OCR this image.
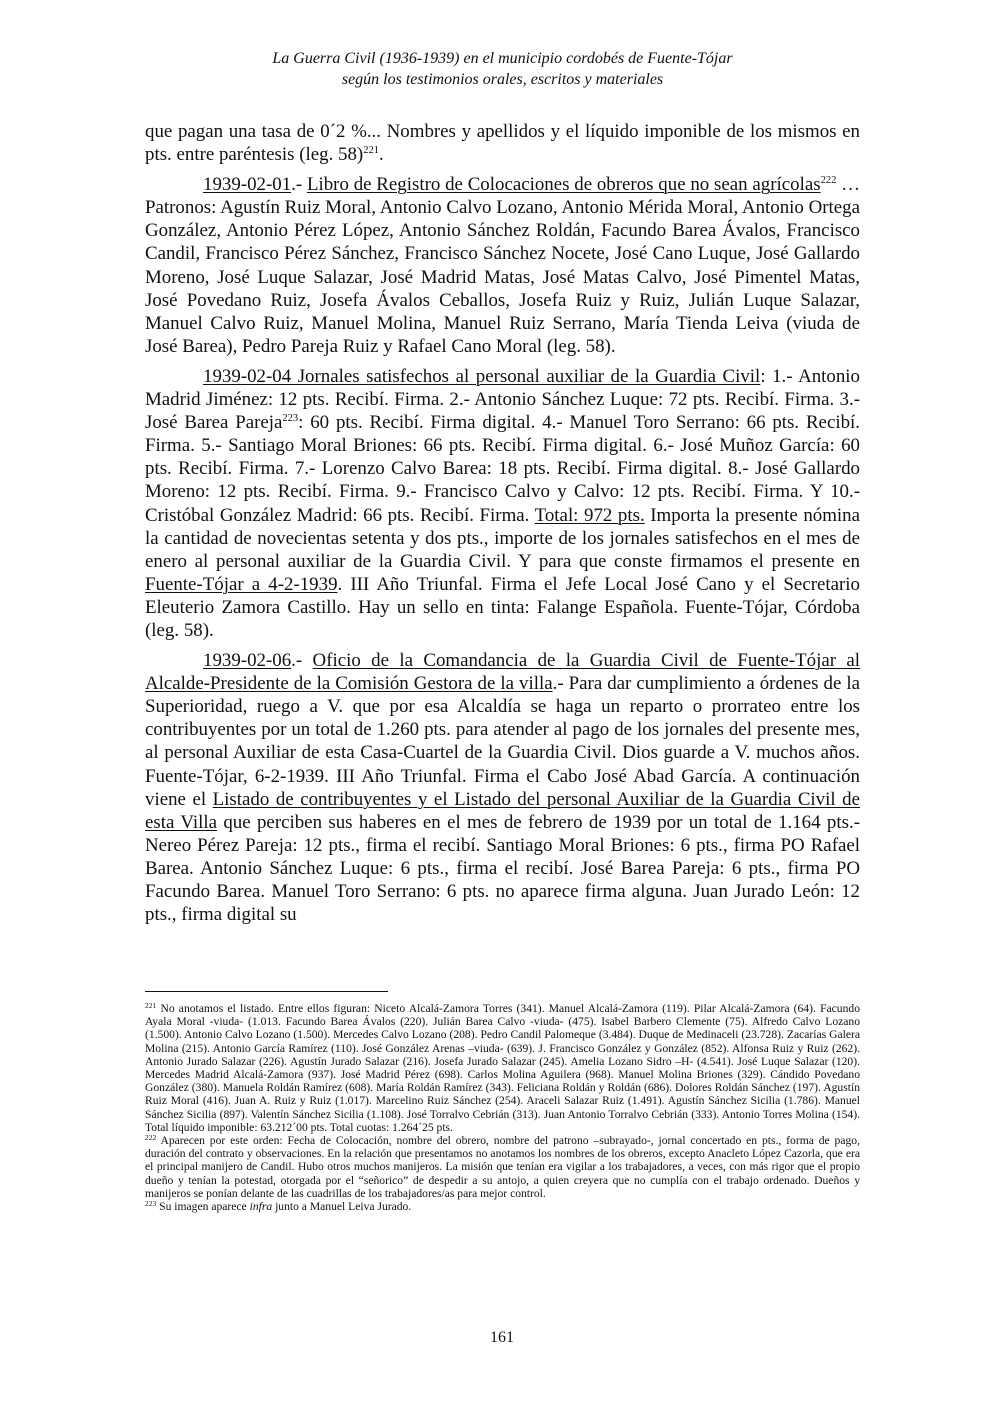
La Guerra Civil (1936-1939) en el municipio cordobés de Fuente-Tójar
según los testimonios orales, escritos y materiales

que pagan una tasa de 0´2 %... Nombres y apellidos y el líquido imponible de los mismos en pts. entre paréntesis (leg. 58)$^{221}$.

1939-02-01.- Libro de Registro de Colocaciones de obreros que no sean agrícolas$^{222}$ … Patronos: Agustín Ruiz Moral, Antonio Calvo Lozano, Antonio Mérida Moral, Antonio Ortega González, Antonio Pérez López, Antonio Sánchez Roldán, Facundo Barea Ávalos, Francisco Candil, Francisco Pérez Sánchez, Francisco Sánchez Nocete, José Cano Luque, José Gallardo Moreno, José Luque Salazar, José Madrid Matas, José Matas Calvo, José Pimentel Matas, José Povedano Ruiz, Josefa Ávalos Ceballos, Josefa Ruiz y Ruiz, Julián Luque Salazar, Manuel Calvo Ruiz, Manuel Molina, Manuel Ruiz Serrano, María Tienda Leiva (viuda de José Barea), Pedro Pareja Ruiz y Rafael Cano Moral (leg. 58).

1939-02-04 Jornales satisfechos al personal auxiliar de la Guardia Civil: 1.- Antonio Madrid Jiménez: 12 pts. Recibí. Firma. 2.- Antonio Sánchez Luque: 72 pts. Recibí. Firma. 3.- José Barea Pareja$^{223}$: 60 pts. Recibí. Firma digital. 4.- Manuel Toro Serrano: 66 pts. Recibí. Firma. 5.- Santiago Moral Briones: 66 pts. Recibí. Firma digital. 6.- José Muñoz García: 60 pts. Recibí. Firma. 7.- Lorenzo Calvo Barea: 18 pts. Recibí. Firma digital. 8.- José Gallardo Moreno: 12 pts. Recibí. Firma. 9.- Francisco Calvo y Calvo: 12 pts. Recibí. Firma. Y 10.- Cristóbal González Madrid: 66 pts. Recibí. Firma. Total: 972 pts. Importa la presente nómina la cantidad de novecientas setenta y dos pts., importe de los jornales satisfechos en el mes de enero al personal auxiliar de la Guardia Civil. Y para que conste firmamos el presente en Fuente-Tójar a 4-2-1939. III Año Triunfal. Firma el Jefe Local José Cano y el Secretario Eleuterio Zamora Castillo. Hay un sello en tinta: Falange Española. Fuente-Tójar, Córdoba (leg. 58).

1939-02-06.- Oficio de la Comandancia de la Guardia Civil de Fuente-Tójar al Alcalde-Presidente de la Comisión Gestora de la villa.- Para dar cumplimiento a órdenes de la Superioridad, ruego a V. que por esa Alcaldía se haga un reparto o prorrateo entre los contribuyentes por un total de 1.260 pts. para atender al pago de los jornales del presente mes, al personal Auxiliar de esta Casa-Cuartel de la Guardia Civil. Dios guarde a V. muchos años. Fuente-Tójar, 6-2-1939. III Año Triunfal. Firma el Cabo José Abad García. A continuación viene el Listado de contribuyentes y el Listado del personal Auxiliar de la Guardia Civil de esta Villa que perciben sus haberes en el mes de febrero de 1939 por un total de 1.164 pts.- Nereo Pérez Pareja: 12 pts., firma el recibí. Santiago Moral Briones: 6 pts., firma PO Rafael Barea. Antonio Sánchez Luque: 6 pts., firma el recibí. José Barea Pareja: 6 pts., firma PO Facundo Barea. Manuel Toro Serrano: 6 pts. no aparece firma alguna. Juan Jurado León: 12 pts., firma digital su

$^{221}$ No anotamos el listado. Entre ellos figuran: Niceto Alcalá-Zamora Torres (341). Manuel Alcalá-Zamora (119). Pilar Alcalá-Zamora (64). Facundo Ayala Moral -viuda- (1.013. Facundo Barea Ávalos (220). Julián Barea Calvo -viuda- (475). Isabel Barbero Clemente (75). Alfredo Calvo Lozano (1.500). Antonio Calvo Lozano (1.500). Mercedes Calvo Lozano (208). Pedro Candil Palomeque (3.484). Duque de Medinaceli (23.728). Zacarías Galera Molina (215). Antonio García Ramírez (110). José González Arenas –viuda- (639). J. Francisco González y González (852). Alfonsa Ruiz y Ruiz (262). Antonio Jurado Salazar (226). Agustín Jurado Salazar (216). Josefa Jurado Salazar (245). Amelia Lozano Sidro –H- (4.541). José Luque Salazar (120). Mercedes Madrid Alcalá-Zamora (937). José Madrid Pérez (698). Carlos Molina Aguilera (968). Manuel Molina Briones (329). Cándido Povedano González (380). Manuela Roldán Ramírez (608). María Roldán Ramírez (343). Feliciana Roldán y Roldán (686). Dolores Roldán Sánchez (197). Agustín Ruiz Moral (416). Juan A. Ruiz y Ruiz (1.017). Marcelino Ruiz Sánchez (254). Araceli Salazar Ruiz (1.491). Agustín Sánchez Sicilia (1.786). Manuel Sánchez Sicilia (897). Valentín Sánchez Sicilia (1.108). José Torralvo Cebrián (313). Juan Antonio Torralvo Cebrián (333). Antonio Torres Molina (154). Total líquido imponible: 63.212´00 pts. Total cuotas: 1.264´25 pts.

$^{222}$ Aparecen por este orden: Fecha de Colocación, nombre del obrero, nombre del patrono –subrayado-, jornal concertado en pts., forma de pago, duración del contrato y observaciones. En la relación que presentamos no anotamos los nombres de los obreros, excepto Anacleto López Cazorla, que era el principal manijero de Candil. Hubo otros muchos manijeros. La misión que tenían era vigilar a los trabajadores, a veces, con más rigor que el propio dueño y tenían la potestad, otorgada por el “señorico” de despedir a su antojo, a quien creyera que no cumplía con el trabajo ordenado. Dueños y manijeros se ponían delante de las cuadrillas de los trabajadores/as para mejor control.

$^{223}$ Su imagen aparece infra junto a Manuel Leiva Jurado.

161
